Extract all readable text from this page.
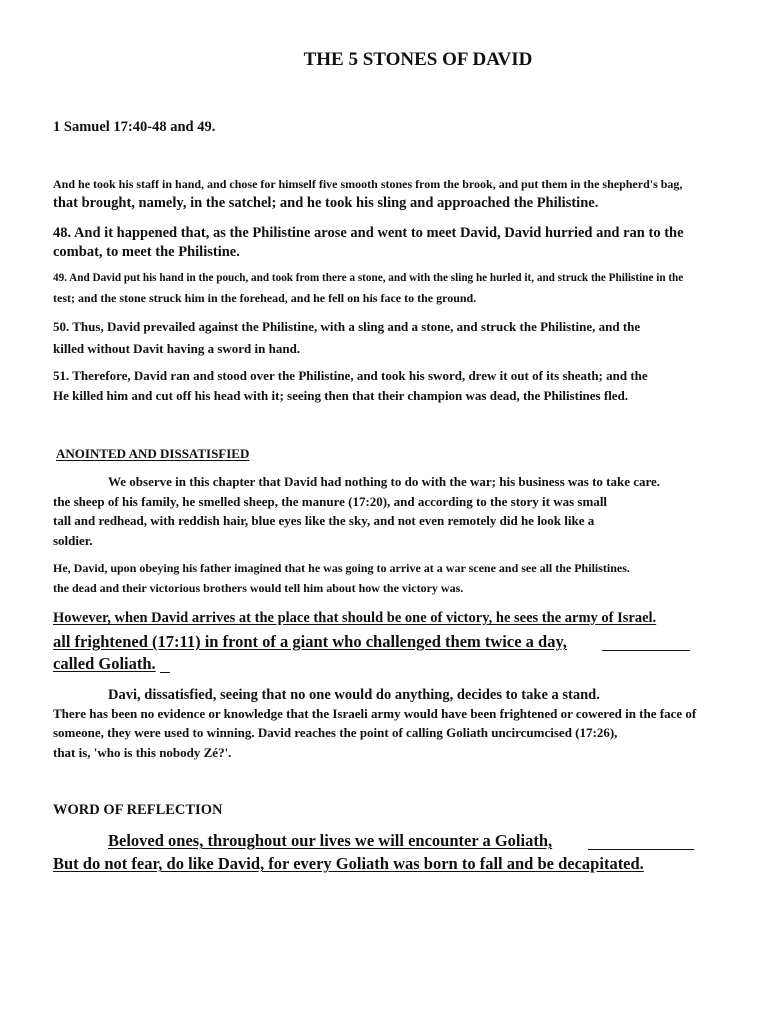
THE 5 STONES OF DAVID
1 Samuel 17:40-48 and 49.
And he took his staff in hand, and chose for himself five smooth stones from the brook, and put them in the shepherd's bag,
that brought, namely, in the satchel; and he took his sling and approached the Philistine.
48. And it happened that, as the Philistine arose and went to meet David, David hurried and ran to the
combat, to meet the Philistine.
49. And David put his hand in the pouch, and took from there a stone, and with the sling he hurled it, and struck the Philistine in the
test; and the stone struck him in the forehead, and he fell on his face to the ground.
50. Thus, David prevailed against the Philistine, with a sling and a stone, and struck the Philistine, and the
killed without Davit having a sword in hand.
51. Therefore, David ran and stood over the Philistine, and took his sword, drew it out of its sheath; and the
He killed him and cut off his head with it; seeing then that their champion was dead, the Philistines fled.
ANOINTED AND DISSATISFIED
We observe in this chapter that David had nothing to do with the war; his business was to take care.
the sheep of his family, he smelled sheep, the manure (17:20), and according to the story it was small
tall and redhead, with reddish hair, blue eyes like the sky, and not even remotely did he look like a
soldier.
He, David, upon obeying his father imagined that he was going to arrive at a war scene and see all the Philistines.
the dead and their victorious brothers would tell him about how the victory was.
However, when David arrives at the place that should be one of victory, he sees the army of Israel.
all frightened (17:11) in front of a giant who challenged them twice a day,
called Goliath.
Davi, dissatisfied, seeing that no one would do anything, decides to take a stand.
There has been no evidence or knowledge that the Israeli army would have been frightened or cowered in the face of
someone, they were used to winning. David reaches the point of calling Goliath uncircumcised (17:26),
that is, 'who is this nobody Zé?'.
WORD OF REFLECTION
Beloved ones, throughout our lives we will encounter a Goliath,
But do not fear, do like David, for every Goliath was born to fall and be decapitated.
